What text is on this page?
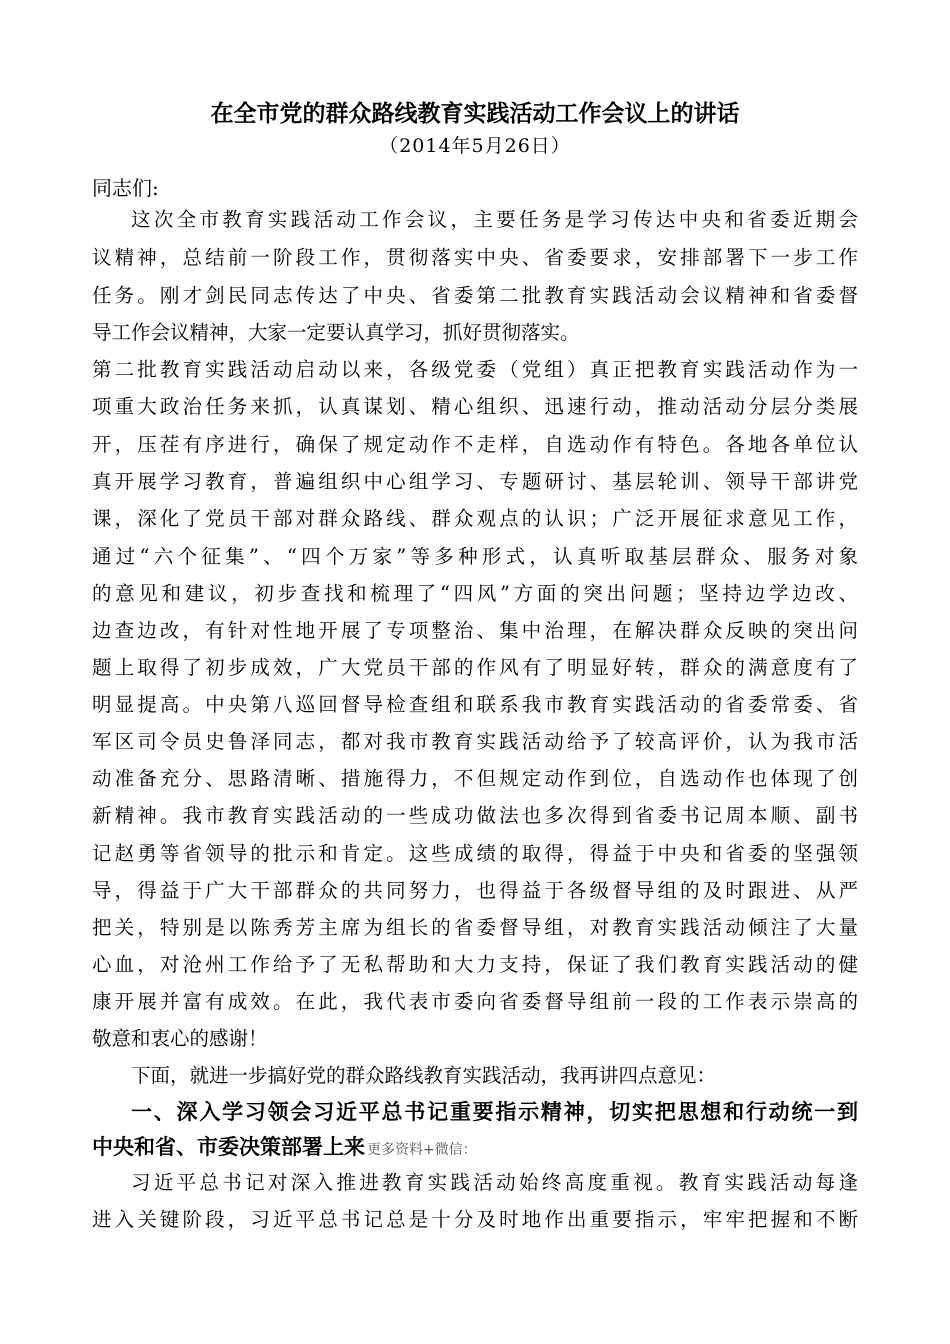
在全市党的群众路线教育实践活动工作会议上的讲话
（2014年5月26日）
同志们:
这次全市教育实践活动工作会议，主要任务是学习传达中央和省委近期会
议精神，总结前一阶段工作，贯彻落实中央、省委要求，安排部署下一步工作
任务。刚才剑民同志传达了中央、省委第二批教育实践活动会议精神和省委督
导工作会议精神，大家一定要认真学习，抓好贯彻落实。
第二批教育实践活动启动以来，各级党委（党组）真正把教育实践活动作为一
项重大政治任务来抓，认真谋划、精心组织、迅速行动，推动活动分层分类展
开，压茬有序进行，确保了规定动作不走样，自选动作有特色。各地各单位认
真开展学习教育，普遍组织中心组学习、专题研讨、基层轮训、领导干部讲党
课，深化了党员干部对群众路线、群众观点的认识；广泛开展征求意见工作，
通过“六个征集”、“四个万家”等多种形式，认真听取基层群众、服务对象
的意见和建议，初步查找和梳理了“四风”方面的突出问题；坚持边学边改、
边查边改，有针对性地开展了专项整治、集中治理，在解决群众反映的突出问
题上取得了初步成效，广大党员干部的作风有了明显好转，群众的满意度有了
明显提高。中央第八巡回督导检查组和联系我市教育实践活动的省委常委、省
军区司令员史鲁泽同志，都对我市教育实践活动给予了较高评价，认为我市活
动准备充分、思路清晰、措施得力，不但规定动作到位，自选动作也体现了创
新精神。我市教育实践活动的一些成功做法也多次得到省委书记周本顺、副书
记赵勇等省领导的批示和肯定。这些成绩的取得，得益于中央和省委的坚强领
导，得益于广大干部群众的共同努力，也得益于各级督导组的及时跟进、从严
把关，特别是以陈秀芳主席为组长的省委督导组，对教育实践活动倾注了大量
心血，对沧州工作给予了无私帮助和大力支持，保证了我们教育实践活动的健
康开展并富有成效。在此，我代表市委向省委督导组前一段的工作表示崇高的
敬意和衷心的感谢！
下面，就进一步搞好党的群众路线教育实践活动，我再讲四点意见：
一、深入学习领会习近平总书记重要指示精神，切实把思想和行动统一到
中央和省、市委决策部署上来 更多资料+微信：
习近平总书记对深入推进教育实践活动始终高度重视。教育实践活动每逢
进入关键阶段，习近平总书记总是十分及时地作出重要指示，牢牢把握和不断
